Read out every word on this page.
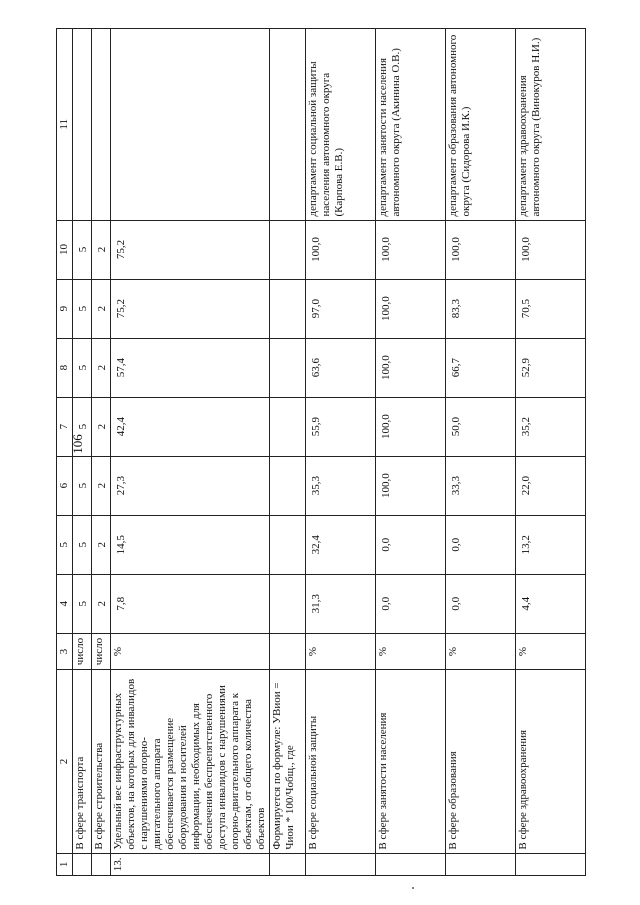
106
1	2	3	4	5	6	7	8	9	10	11
	В сфере транспорта	число	5	5	5	5	5	5	5	
	В сфере строительства	число	2	2	2	2	2	2	2	
13.	Удельный вес инфраструктурных объектов, на которых для инвалидов с нарушениями опорно-двигательного аппарата обеспечивается размещение оборудования и носителей информации, необходимых для обеспечения беспрепятственного доступа инвалидов с нарушениями опорно-двигательного аппарата к объектам, от общего количества объектов	%	7,8	14,5	27,3	42,4	57,4	75,2	75,2	
	Формируется по формуле: УВиои = Чиои * 100/Чобщ., где									
	В сфере социальной защиты	%	31,3	32,4	35,3	55,9	63,6	97,0	100,0	департамент социальной защиты населения автономного округа (Карпова Е.В.)
	В сфере занятости населения	%	0,0	0,0	100,0	100,0	100,0	100,0	100,0	департамент занятости населения автономного округа (Акинина О.В.)
	В сфере образования	%	0,0	0,0	33,3	50,0	66,7	83,3	100,0	департамент образования автономного округа (Сидорова И.К.)
	В сфере здравоохранения	%	4,4	13,2	22,0	35,2	52,9	70,5	100,0	департамент здравоохранения автономного округа (Винокуров Н.И.)
